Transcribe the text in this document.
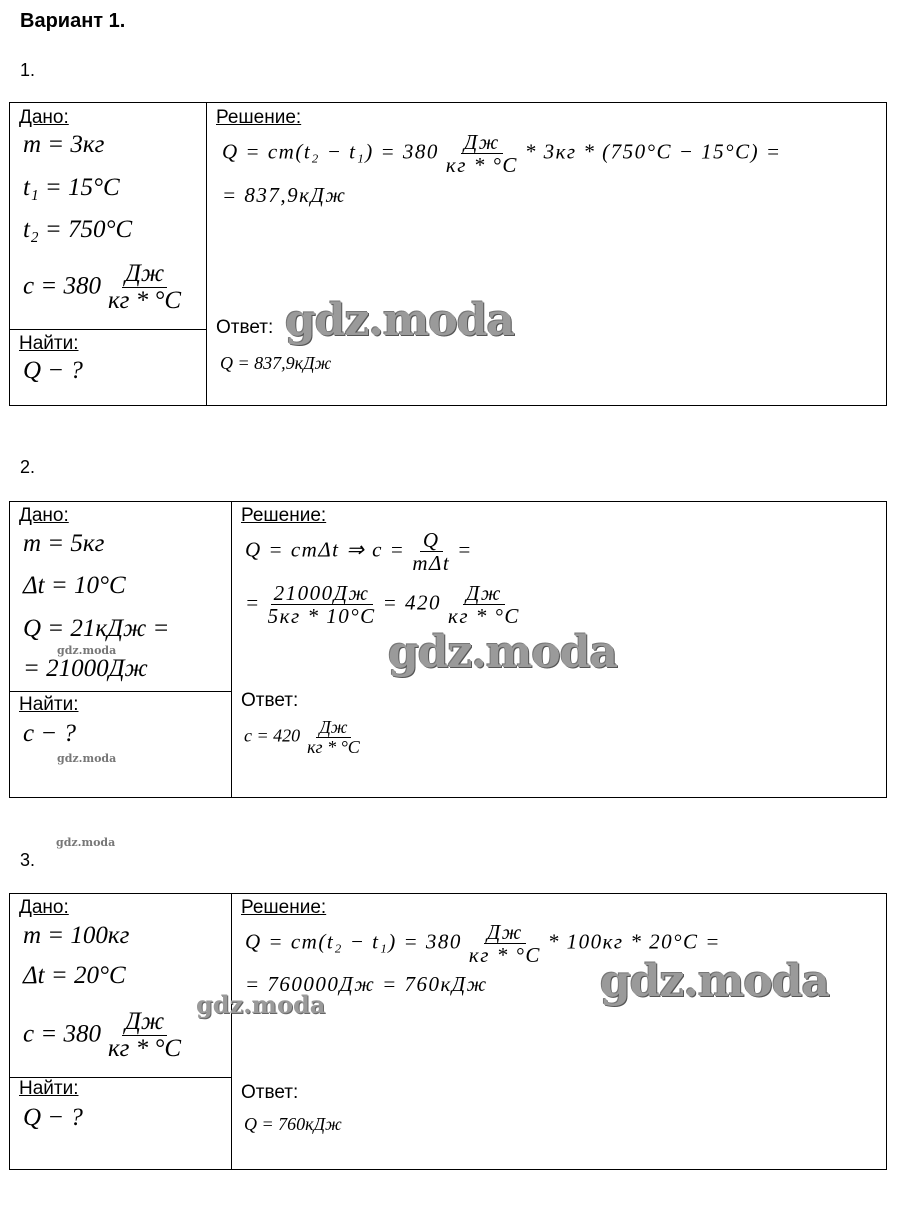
Вариант 1.
1.
Дано:
m = 3кг
t₁ = 15°C
t₂ = 750°C
$c = 380 \frac{Дж}{кг * ^\circ C}$
Найти:
Q − ?
Решение:
$Q = cm(t_2 - t_1) = 380 \frac{Дж}{кг * ^\circ C} * 3кг * (750^\circ C - 15^\circ C)$ =
= 837,9кДж
Ответ: gdz.moda
Q = 837,9кДж
2.
Дано:
m = 5кг
Δt = 10°C
Q = 21кДж =
gdz.moda
= 21000Дж
Найти:
c − ?
gdz.moda
Решение:
Q = cmΔt ⇒ $c = \frac{Q}{\text{mΔt}}$ =
= $\frac{21000Дж}{5кг * 10^\circ C} = 420 \frac{Дж}{кг * ^\circ C}$
gdz.moda
Ответ:
$c = 420 \frac{Дж}{кг * ^\circ C}$
gdz.moda
3.
Дано:
m = 100кг
Δt = 20°C
$c = 380 \frac{Дж}{кг * ^\circ C}$
gdz.moda
Найти:
Q − ?
Решение:
$Q = cm(t_2 - t_1) = 380 \frac{Дж}{кг * ^\circ C} * 100кг * 20^\circ C$ =
= 760000Дж = 760кДж	gdz.moda
Ответ:
Q = 760кДж
